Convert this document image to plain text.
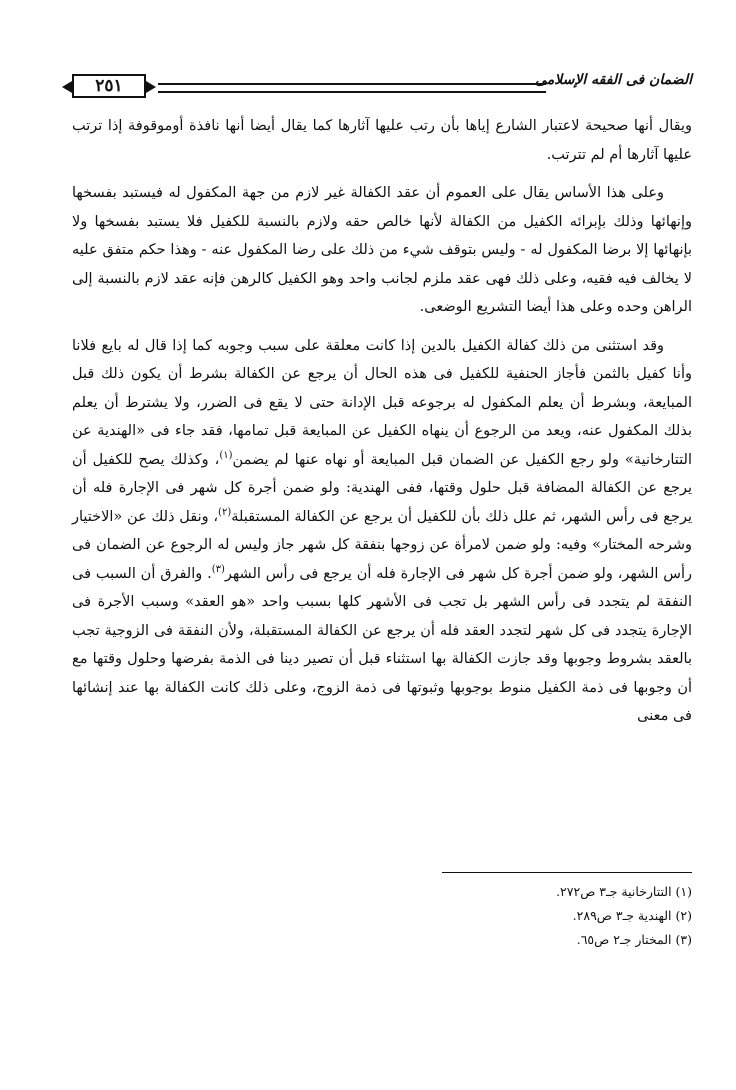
٢٥١	الضمان فى الفقه الإسلامى

ويقال أنها صحيحة لاعتبار الشارع إياها بأن رتب عليها آثارها كما يقال أيضا أنها نافذة أوموقوفة إذا ترتب عليها آثارها أم لم تترتب.

وعلى هذا الأساس يقال على العموم أن عقد الكفالة غير لازم من جهة المكفول له فيستبد بفسخها وإنهائها وذلك بإبرائه الكفيل من الكفالة لأنها خالص حقه ولازم بالنسبة للكفيل فلا يستبد بفسخها ولا بإنهائها إلا برضا المكفول له - وليس بتوقف شيء من ذلك على رضا المكفول عنه - وهذا حكم متفق عليه لا يخالف فيه فقيه، وعلى ذلك فهى عقد ملزم لجانب واحد وهو الكفيل كالرهن فإنه عقد لازم بالنسبة إلى الراهن وحده وعلى هذا أيضا التشريع الوضعى.

وقد استثنى من ذلك كفالة الكفيل بالدين إذا كانت معلقة على سبب وجوبه كما إذا قال له بايع فلانا وأنا كفيل بالثمن فأجاز الحنفية للكفيل فى هذه الحال أن يرجع عن الكفالة بشرط أن يكون ذلك قبل المبايعة، وبشرط أن يعلم المكفول له برجوعه قبل الإدانة حتى لا يقع فى الضرر، ولا يشترط أن يعلم بذلك المكفول عنه، ويعد من الرجوع أن ينهاه الكفيل عن المبايعة قبل تمامها، فقد جاء فى «الهندية عن التتارخانية» ولو رجع الكفيل عن الضمان قبل المبايعة أو نهاه عنها لم يضمن$^{(١)}$، وكذلك يصح للكفيل أن يرجع عن الكفالة المضافة قبل حلول وقتها، ففى الهندية: ولو ضمن أجرة كل شهر فى الإجارة فله أن يرجع فى رأس الشهر، ثم علل ذلك بأن للكفيل أن يرجع عن الكفالة المستقبلة$^{(٢)}$، ونقل ذلك عن «الاختيار وشرحه المختار» وفيه: ولو ضمن لامرأة عن زوجها بنفقة كل شهر جاز وليس له الرجوع عن الضمان فى رأس الشهر، ولو ضمن أجرة كل شهر فى الإجارة فله أن يرجع فى رأس الشهر$^{(٣)}$. والفرق أن السبب فى النفقة لم يتجدد فى رأس الشهر بل تجب فى الأشهر كلها بسبب واحد «هو العقد» وسبب الأجرة فى الإجارة يتجدد فى كل شهر لتجدد العقد فله أن يرجع عن الكفالة المستقبلة، ولأن النفقة فى الزوجية تجب بالعقد بشروط وجوبها وقد جازت الكفالة بها استثناء قبل أن تصير دينا فى الذمة بفرضها وحلول وقتها مع أن وجوبها فى ذمة الكفيل منوط بوجوبها وثبوتها فى ذمة الزوج، وعلى ذلك كانت الكفالة بها عند إنشائها فى معنى

(١) التتارخانية جـ٣ ص٢٧٢.
(٢) الهندية جـ٣ ص٢٨٩.
(٣) المختار جـ٢ ص٦٥.
